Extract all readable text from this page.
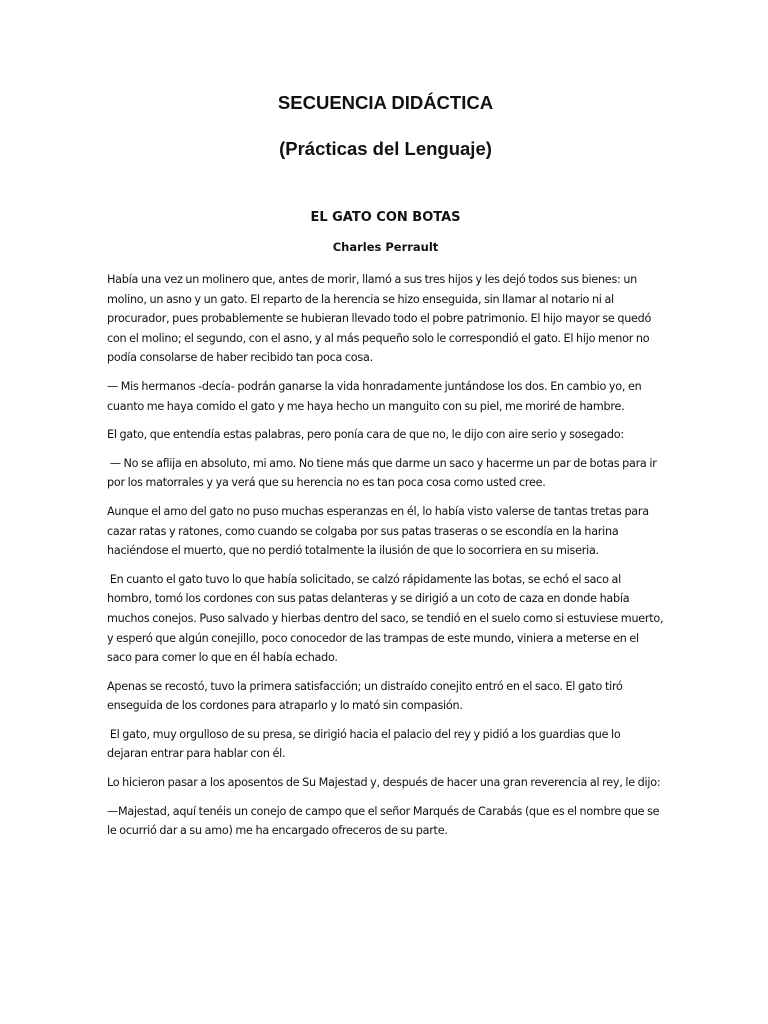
SECUENCIA DIDÁCTICA
(Prácticas del Lenguaje)
EL GATO CON BOTAS
Charles Perrault

Había una vez un molinero que, antes de morir, llamó a sus tres hijos y les dejó todos sus bienes: un molino, un asno y un gato. El reparto de la herencia se hizo enseguida, sin llamar al notario ni al procurador, pues probablemente se hubieran llevado todo el pobre patrimonio. El hijo mayor se quedó con el molino; el segundo, con el asno, y al más pequeño solo le correspondió el gato. El hijo menor no podía consolarse de haber recibido tan poca cosa.

— Mis hermanos -decía- podrán ganarse la vida honradamente juntándose los dos. En cambio yo, en cuanto me haya comido el gato y me haya hecho un manguito con su piel, me moriré de hambre.

El gato, que entendía estas palabras, pero ponía cara de que no, le dijo con aire serio y sosegado:

— No se aflija en absoluto, mi amo. No tiene más que darme un saco y hacerme un par de botas para ir por los matorrales y ya verá que su herencia no es tan poca cosa como usted cree.

Aunque el amo del gato no puso muchas esperanzas en él, lo había visto valerse de tantas tretas para cazar ratas y ratones, como cuando se colgaba por sus patas traseras o se escondía en la harina haciéndose el muerto, que no perdió totalmente la ilusión de que lo socorriera en su miseria.

En cuanto el gato tuvo lo que había solicitado, se calzó rápidamente las botas, se echó el saco al hombro, tomó los cordones con sus patas delanteras y se dirigió a un coto de caza en donde había muchos conejos. Puso salvado y hierbas dentro del saco, se tendió en el suelo como si estuviese muerto, y esperó que algún conejillo, poco conocedor de las trampas de este mundo, viniera a meterse en el saco para comer lo que en él había echado.

Apenas se recostó, tuvo la primera satisfacción; un distraído conejito entró en el saco. El gato tiró enseguida de los cordones para atraparlo y lo mató sin compasión.

El gato, muy orgulloso de su presa, se dirigió hacia el palacio del rey y pidió a los guardias que lo dejaran entrar para hablar con él.

Lo hicieron pasar a los aposentos de Su Majestad y, después de hacer una gran reverencia al rey, le dijo:

—Majestad, aquí tenéis un conejo de campo que el señor Marqués de Carabás (que es el nombre que se le ocurrió dar a su amo) me ha encargado ofreceros de su parte.
